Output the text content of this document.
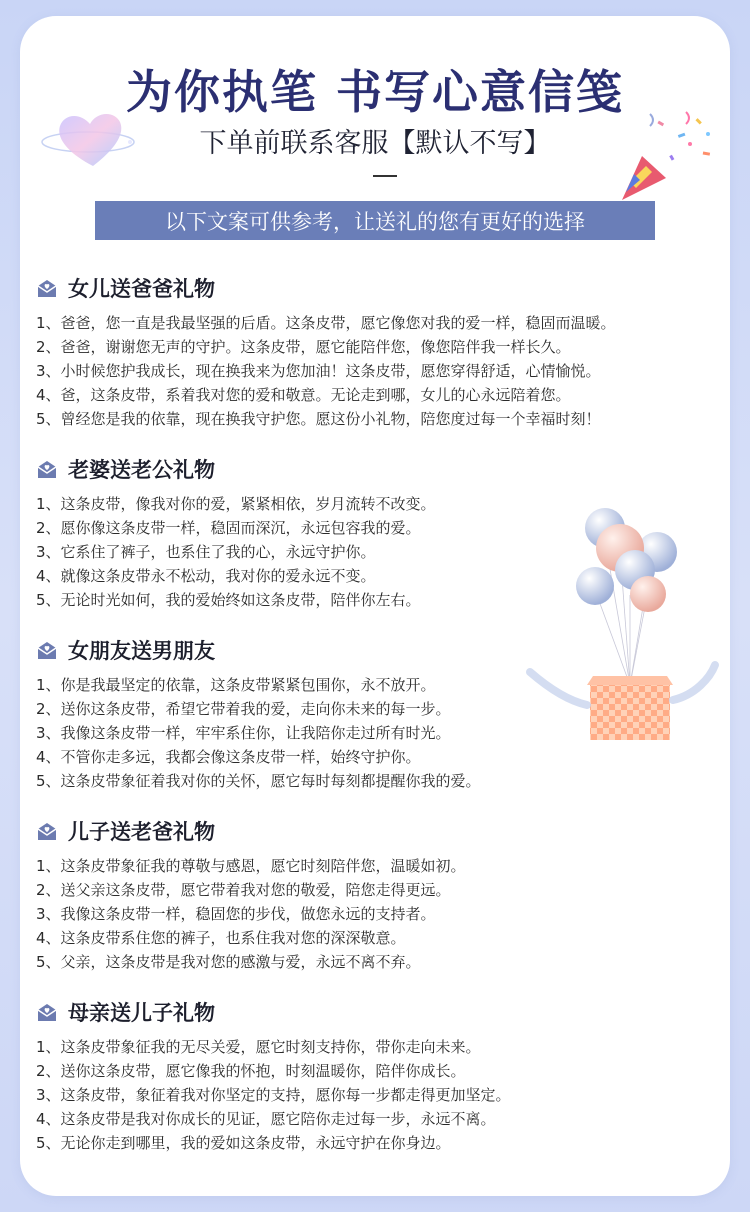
为你执笔 书写心意信笺
下单前联系客服【默认不写】
以下文案可供参考，让送礼的您有更好的选择
女儿送爸爸礼物
1、爸爸，您一直是我最坚强的后盾。这条皮带，愿它像您对我的爱一样，稳固而温暖。
2、爸爸，谢谢您无声的守护。这条皮带，愿它能陪伴您，像您陪伴我一样长久。
3、小时候您护我成长，现在换我来为您加油！这条皮带，愿您穿得舒适，心情愉悦。
4、爸，这条皮带，系着我对您的爱和敬意。无论走到哪，女儿的心永远陪着您。
5、曾经您是我的依靠，现在换我守护您。愿这份小礼物，陪您度过每一个幸福时刻！
老婆送老公礼物
1、这条皮带，像我对你的爱，紧紧相依，岁月流转不改变。
2、愿你像这条皮带一样，稳固而深沉，永远包容我的爱。
3、它系住了裤子，也系住了我的心，永远守护你。
4、就像这条皮带永不松动，我对你的爱永远不变。
5、无论时光如何，我的爱始终如这条皮带，陪伴你左右。
女朋友送男朋友
1、你是我最坚定的依靠，这条皮带紧紧包围你，永不放开。
2、送你这条皮带，希望它带着我的爱，走向你未来的每一步。
3、我像这条皮带一样，牢牢系住你，让我陪你走过所有时光。
4、不管你走多远，我都会像这条皮带一样，始终守护你。
5、这条皮带象征着我对你的关怀，愿它每时每刻都提醒你我的爱。
儿子送老爸礼物
1、这条皮带象征我的尊敬与感恩，愿它时刻陪伴您，温暖如初。
2、送父亲这条皮带，愿它带着我对您的敬爱，陪您走得更远。
3、我像这条皮带一样，稳固您的步伐，做您永远的支持者。
4、这条皮带系住您的裤子，也系住我对您的深深敬意。
5、父亲，这条皮带是我对您的感激与爱，永远不离不弃。
母亲送儿子礼物
1、这条皮带象征我的无尽关爱，愿它时刻支持你，带你走向未来。
2、送你这条皮带，愿它像我的怀抱，时刻温暖你，陪伴你成长。
3、这条皮带，象征着我对你坚定的支持，愿你每一步都走得更加坚定。
4、这条皮带是我对你成长的见证，愿它陪你走过每一步，永远不离。
5、无论你走到哪里，我的爱如这条皮带，永远守护在你身边。
